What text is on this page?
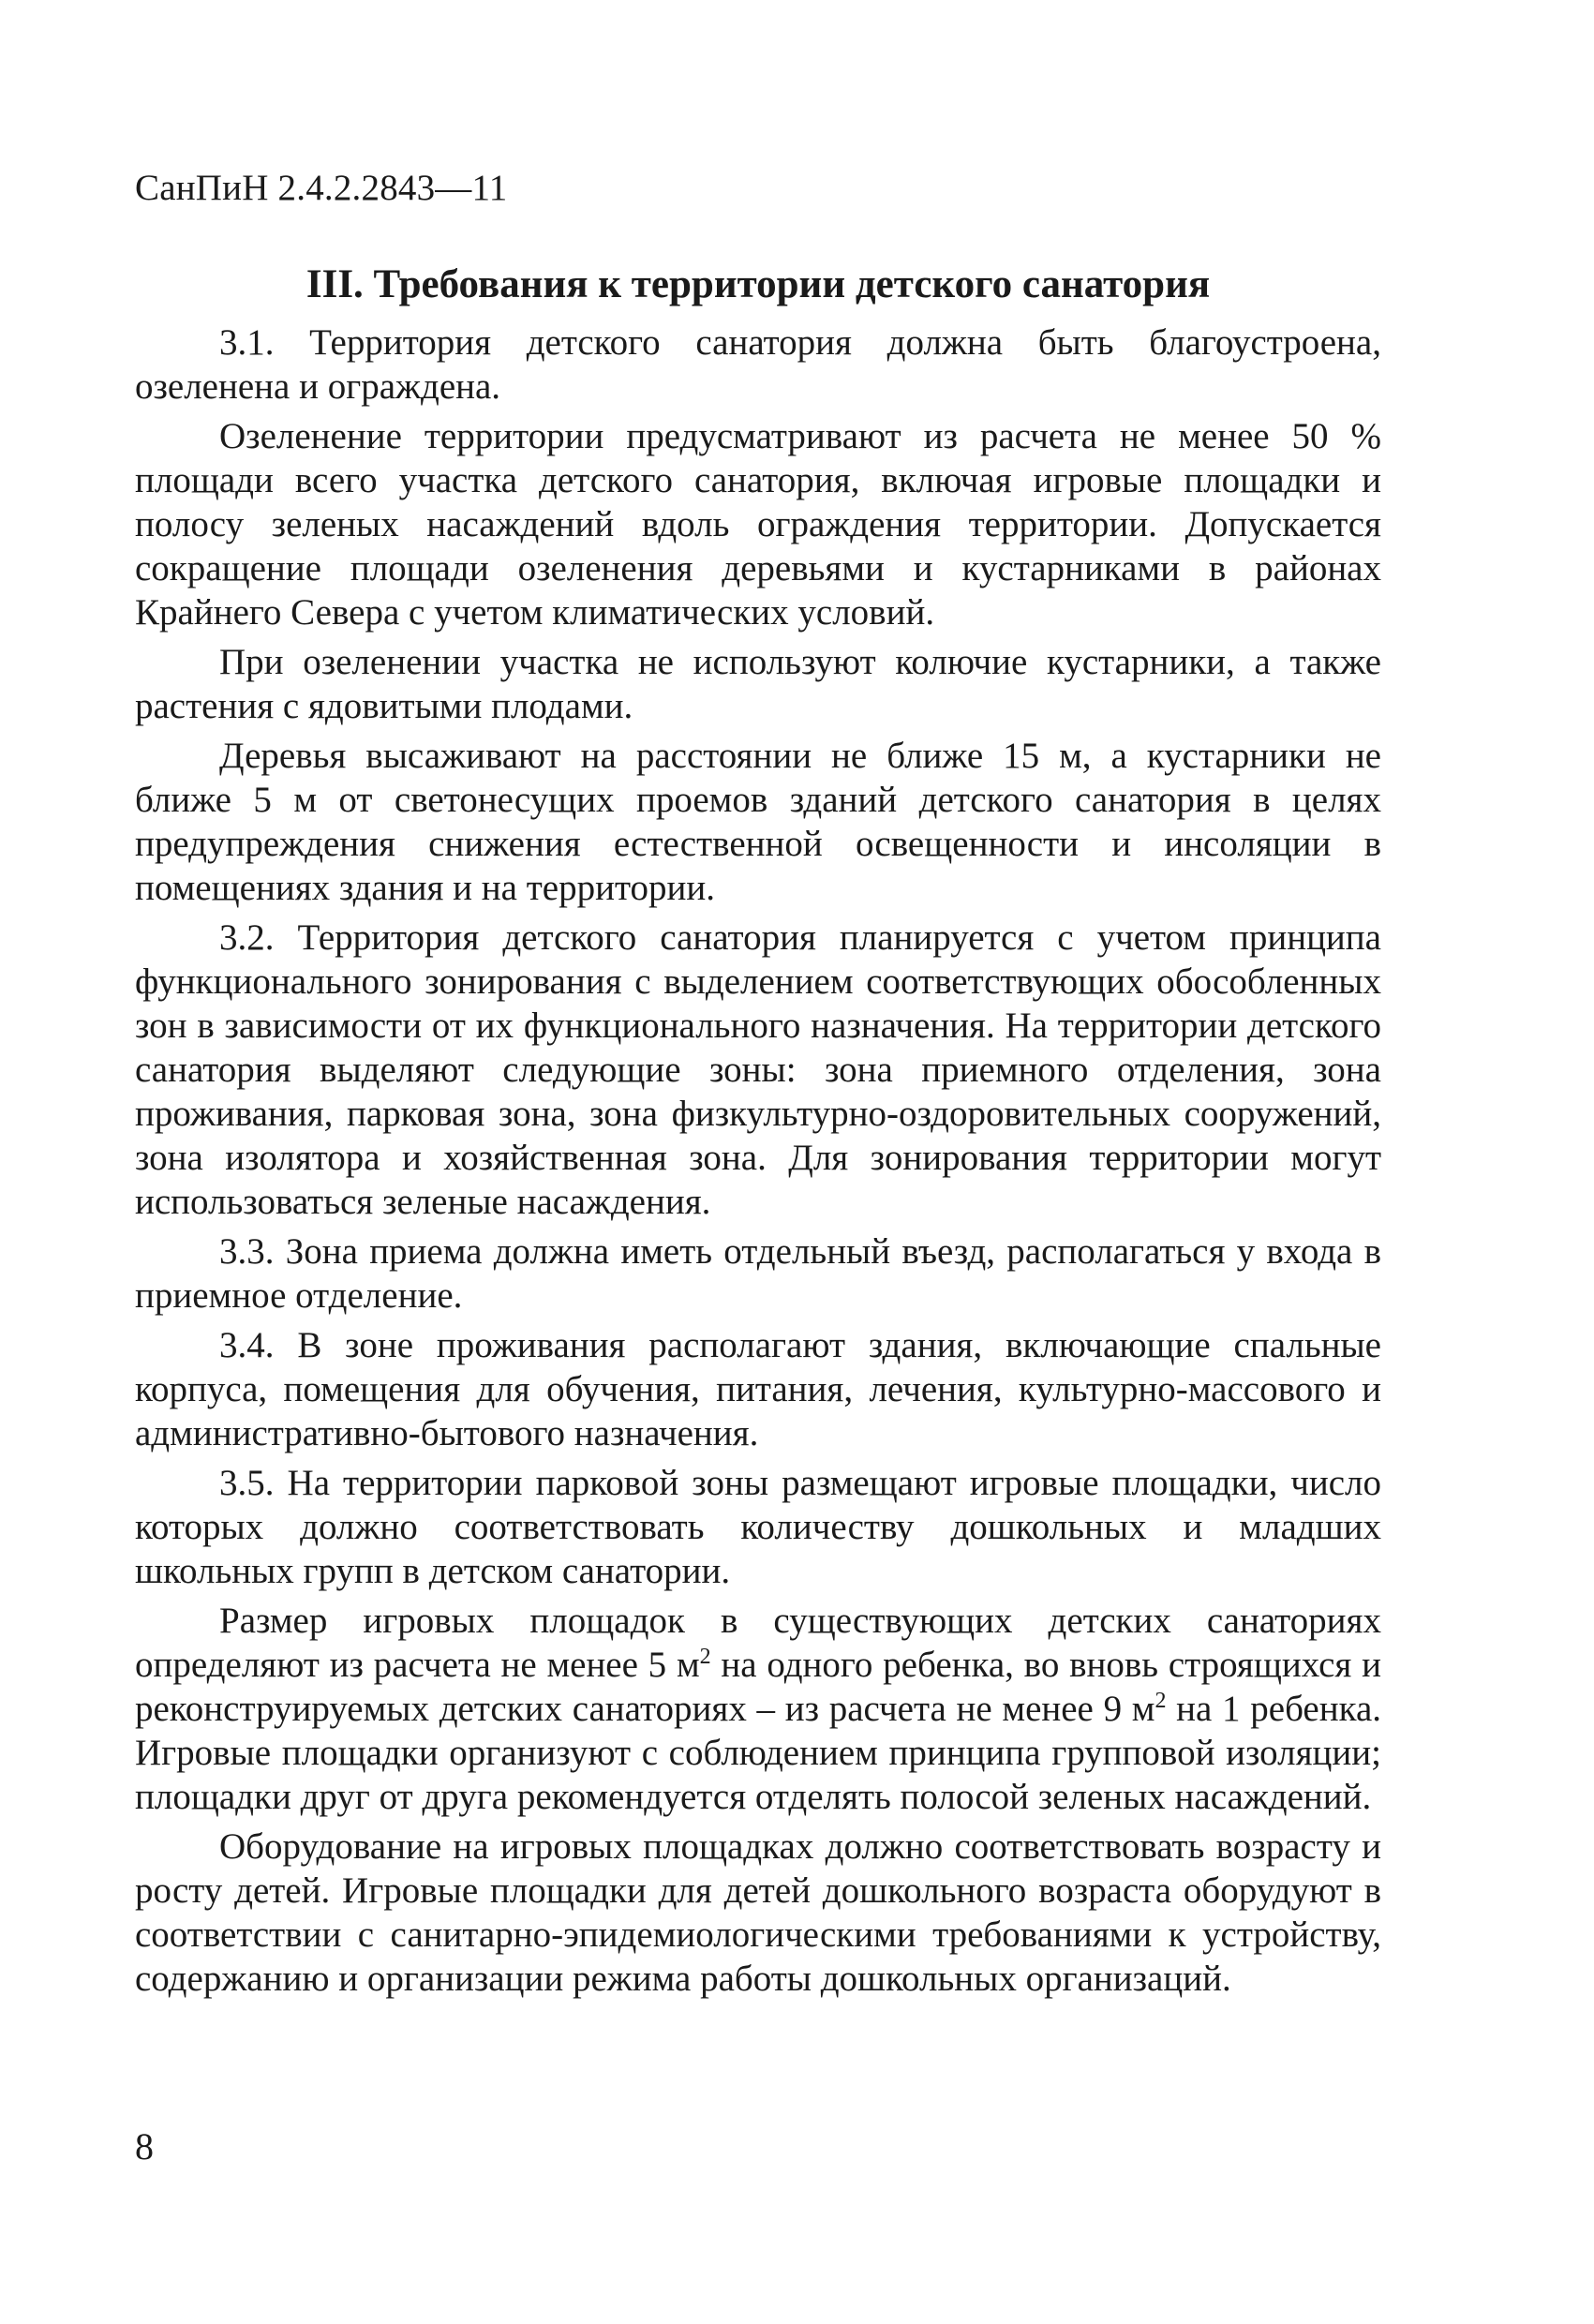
СанПиН 2.4.2.2843—11
III. Требования к территории детского санатория

3.1. Территория детского санатория должна быть благоустроена, озеленена и ограждена.

Озеленение территории предусматривают из расчета не менее 50 % площади всего участка детского санатория, включая игровые площадки и полосу зеленых насаждений вдоль ограждения территории. Допускается сокращение площади озеленения деревьями и кустарниками в районах Крайнего Севера с учетом климатических условий.

При озеленении участка не используют колючие кустарники, а также растения с ядовитыми плодами.

Деревья высаживают на расстоянии не ближе 15 м, а кустарники не ближе 5 м от светонесущих проемов зданий детского санатория в целях предупреждения снижения естественной освещенности и инсоляции в помещениях здания и на территории.

3.2. Территория детского санатория планируется с учетом принципа функционального зонирования с выделением соответствующих обособленных зон в зависимости от их функционального назначения. На территории детского санатория выделяют следующие зоны: зона приемного отделения, зона проживания, парковая зона, зона физкультурно-оздоровительных сооружений, зона изолятора и хозяйственная зона. Для зонирования территории могут использоваться зеленые насаждения.

3.3. Зона приема должна иметь отдельный въезд, располагаться у входа в приемное отделение.

3.4. В зоне проживания располагают здания, включающие спальные корпуса, помещения для обучения, питания, лечения, культурно-массового и административно-бытового назначения.

3.5. На территории парковой зоны размещают игровые площадки, число которых должно соответствовать количеству дошкольных и младших школьных групп в детском санатории.

Размер игровых площадок в существующих детских санаториях определяют из расчета не менее 5 $м^2$ на одного ребенка, во вновь строящихся и реконструируемых детских санаториях – из расчета не менее 9 $м^2$ на 1 ребенка. Игровые площадки организуют с соблюдением принципа групповой изоляции; площадки друг от друга рекомендуется отделять полосой зеленых насаждений.

Оборудование на игровых площадках должно соответствовать возрасту и росту детей. Игровые площадки для детей дошкольного возраста оборудуют в соответствии с санитарно-эпидемиологическими требованиями к устройству, содержанию и организации режима работы дошкольных организаций.

8
